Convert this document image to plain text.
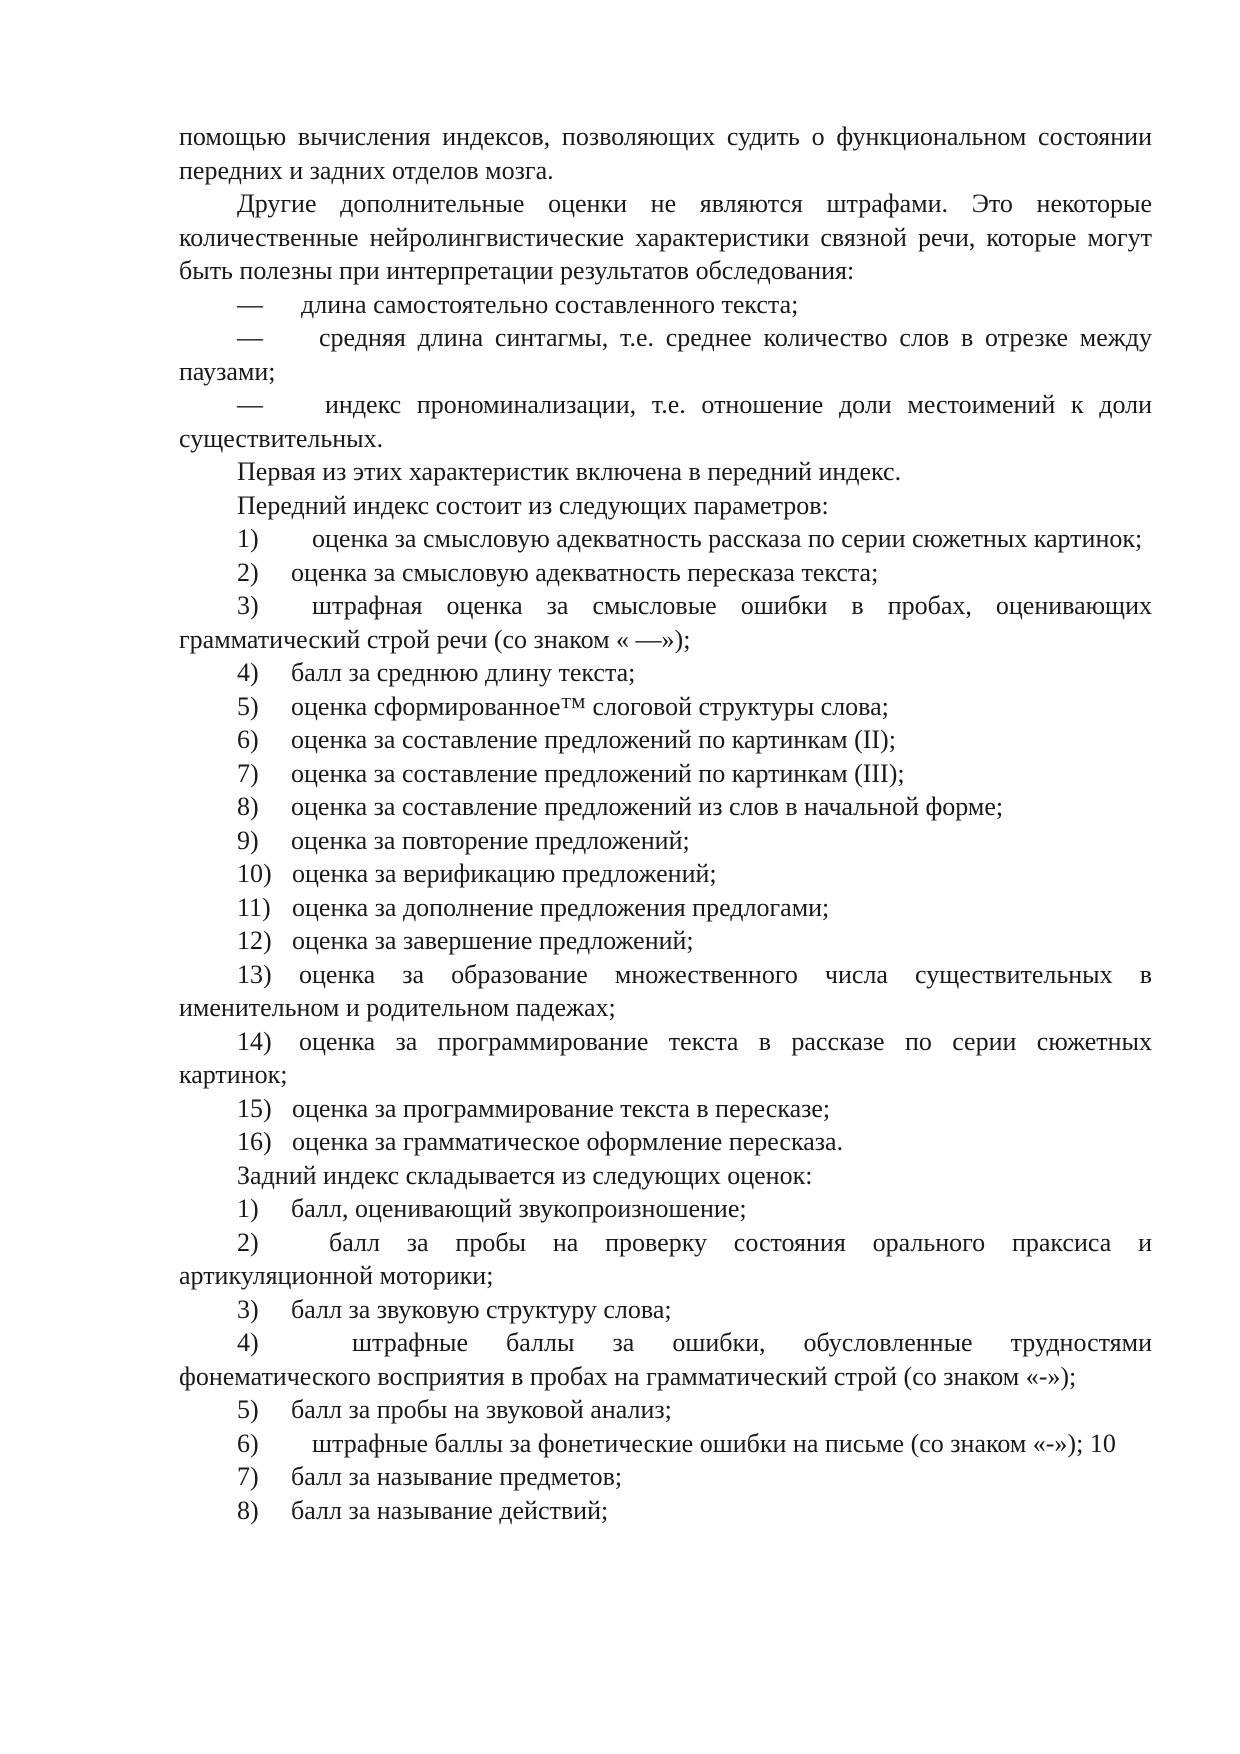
помощью вычисления индексов, позволяющих судить о функциональном состоянии передних и задних отделов мозга.

Другие дополнительные оценки не являются штрафами. Это некоторые количественные нейролингвистические характеристики связной речи, которые могут быть полезны при интерпретации результатов обследования:

— длина самостоятельно составленного текста;

— средняя длина синтагмы, т.е. среднее количество слов в отрезке между паузами;

— индекс прономинализации, т.е. отношение доли местоимений к доли существительных.

Первая из этих характеристик включена в передний индекс.

Передний индекс состоит из следующих параметров:

1) оценка за смысловую адекватность рассказа по серии сюжетных картинок;

2) оценка за смысловую адекватность пересказа текста;

3) штрафная оценка за смысловые ошибки в пробах, оценивающих грамматический строй речи (со знаком « —»);

4) балл за среднюю длину текста;

5) оценка сформированное™ слоговой структуры слова;

6) оценка за составление предложений по картинкам (II);

7) оценка за составление предложений по картинкам (III);

8) оценка за составление предложений из слов в начальной форме;

9) оценка за повторение предложений;

10) оценка за верификацию предложений;

11) оценка за дополнение предложения предлогами;

12) оценка за завершение предложений;

13) оценка за образование множественного числа существительных в именительном и родительном падежах;

14) оценка за программирование текста в рассказе по серии сюжетных картинок;

15) оценка за программирование текста в пересказе;

16) оценка за грамматическое оформление пересказа.

Задний индекс складывается из следующих оценок:

1) балл, оценивающий звукопроизношение;

2)	балл за пробы на проверку состояния орального праксиса и артикуляционной моторики;

3) балл за звуковую структуру слова;

4)	штрафные баллы за ошибки, обусловленные трудностями фонематического восприятия в пробах на грамматический строй (со знаком «-»);

5) балл за пробы на звуковой анализ;

6) штрафные баллы за фонетические ошибки на письме (со знаком «-»); 10

7) балл за называние предметов;

8) балл за называние действий;
